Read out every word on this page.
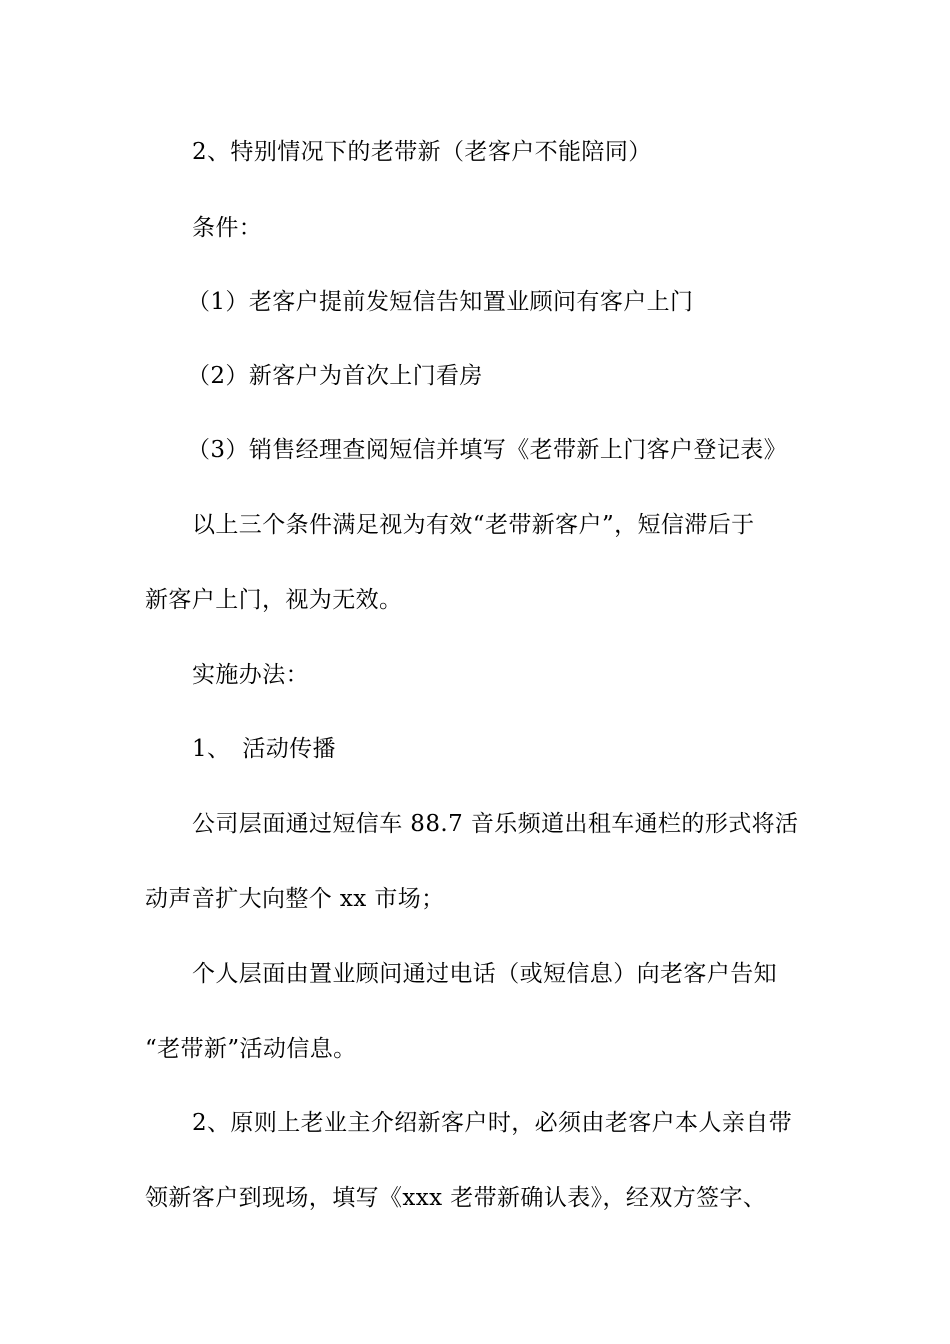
2、特别情况下的老带新（老客户不能陪同）
条件：
（1）老客户提前发短信告知置业顾问有客户上门
（2）新客户为首次上门看房
（3）销售经理查阅短信并填写《老带新上门客户登记表》
以上三个条件满足视为有效“老带新客户”，短信滞后于
新客户上门，视为无效。
实施办法：
1、　活动传播
公司层面通过短信车 88.7 音乐频道出租车通栏的形式将活
动声音扩大向整个 xx 市场；
个人层面由置业顾问通过电话（或短信息）向老客户告知
“老带新”活动信息。
2、原则上老业主介绍新客户时，必须由老客户本人亲自带
领新客户到现场，填写《xxx 老带新确认表》，经双方签字、
